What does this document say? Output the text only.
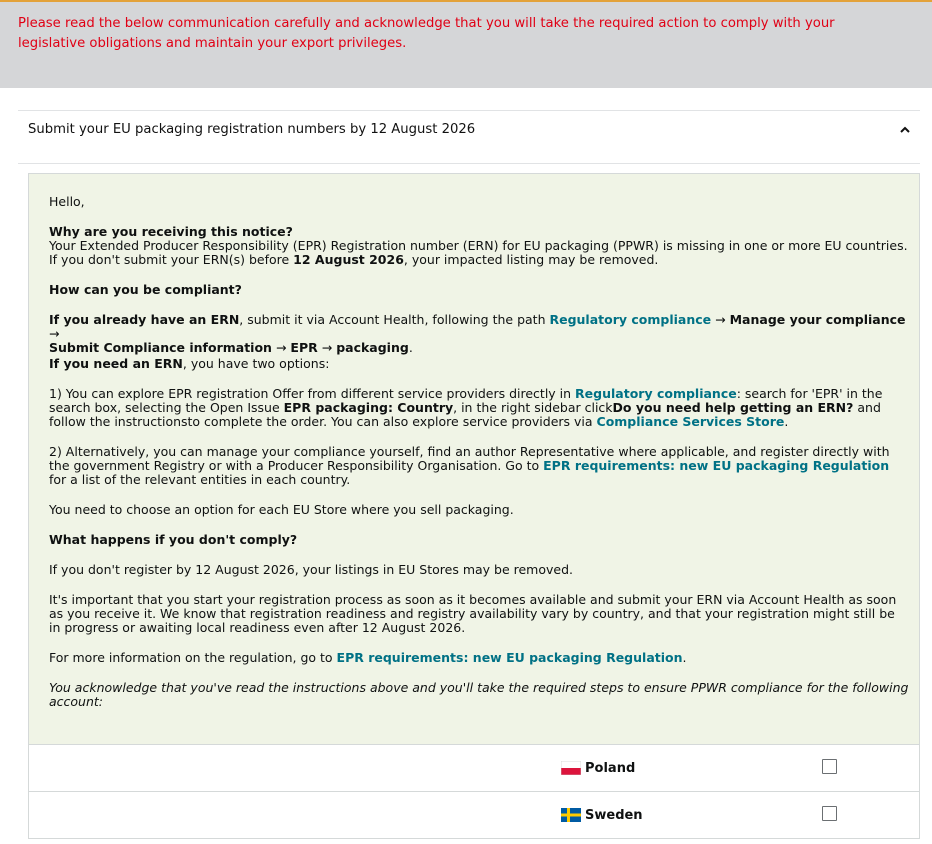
Please read the below communication carefully and acknowledge that you will take the required action to comply with your legislative obligations and maintain your export privileges.
Submit your EU packaging registration numbers by 12 August 2026

Hello,

Why are you receiving this notice?
Your Extended Producer Responsibility (EPR) Registration number (ERN) for EU packaging (PPWR) is missing in one or more EU countries. If you don't submit your ERN(s) before 12 August 2026, your impacted listing may be removed.

How can you be compliant?

If you already have an ERN, submit it via Account Health, following the path Regulatory compliance → Manage your compliance →
Submit Compliance information → EPR → packaging.

If you need an ERN, you have two options:

1) You can explore EPR registration Offer from different service providers directly in Regulatory compliance: search for 'EPR' in the search box, selecting the Open Issue EPR packaging: Country, in the right sidebar clickDo you need help getting an ERN? and follow the instructionsto complete the order. You can also explore service providers via Compliance Services Store.

2) Alternatively, you can manage your compliance yourself, find an author Representative where applicable, and register directly with the government Registry or with a Producer Responsibility Organisation. Go to EPR requirements: new EU packaging Regulation for a list of the relevant entities in each country.

You need to choose an option for each EU Store where you sell packaging.

What happens if you don't comply?

If you don't register by 12 August 2026, your listings in EU Stores may be removed.

It's important that you start your registration process as soon as it becomes available and submit your ERN via Account Health as soon as you receive it. We know that registration readiness and registry availability vary by country, and that your registration might still be in progress or awaiting local readiness even after 12 August 2026.

For more information on the regulation, go to EPR requirements: new EU packaging Regulation.

You acknowledge that you've read the instructions above and you'll take the required steps to ensure PPWR compliance for the following account:

Poland
Sweden
